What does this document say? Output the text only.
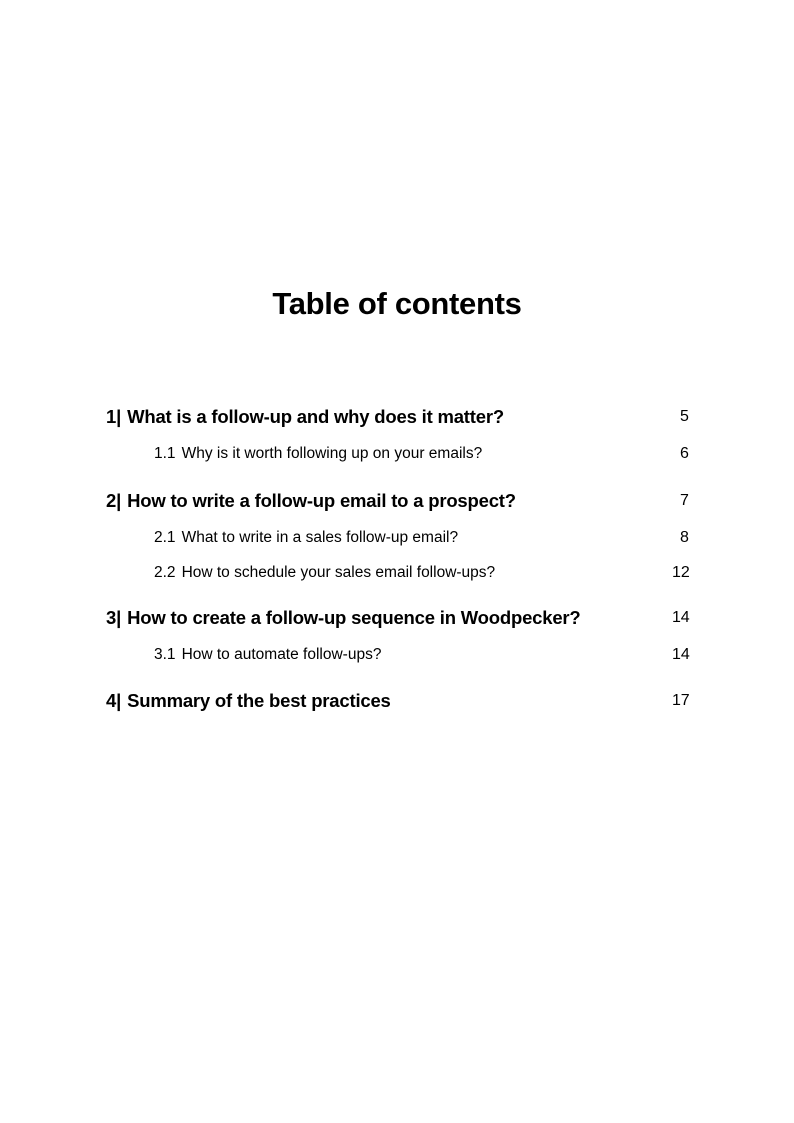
Table of contents
1| What is a follow-up and why does it matter?	5
1.1 Why is it worth following up on your emails?	6
2| How to write a follow-up email to a prospect?	7
2.1 What to write in a sales follow-up email?	8
2.2 How to schedule your sales email follow-ups?	12
3| How to create a follow-up sequence in Woodpecker?	14
3.1 How to automate follow-ups?	14
4| Summary of the best practices	17
